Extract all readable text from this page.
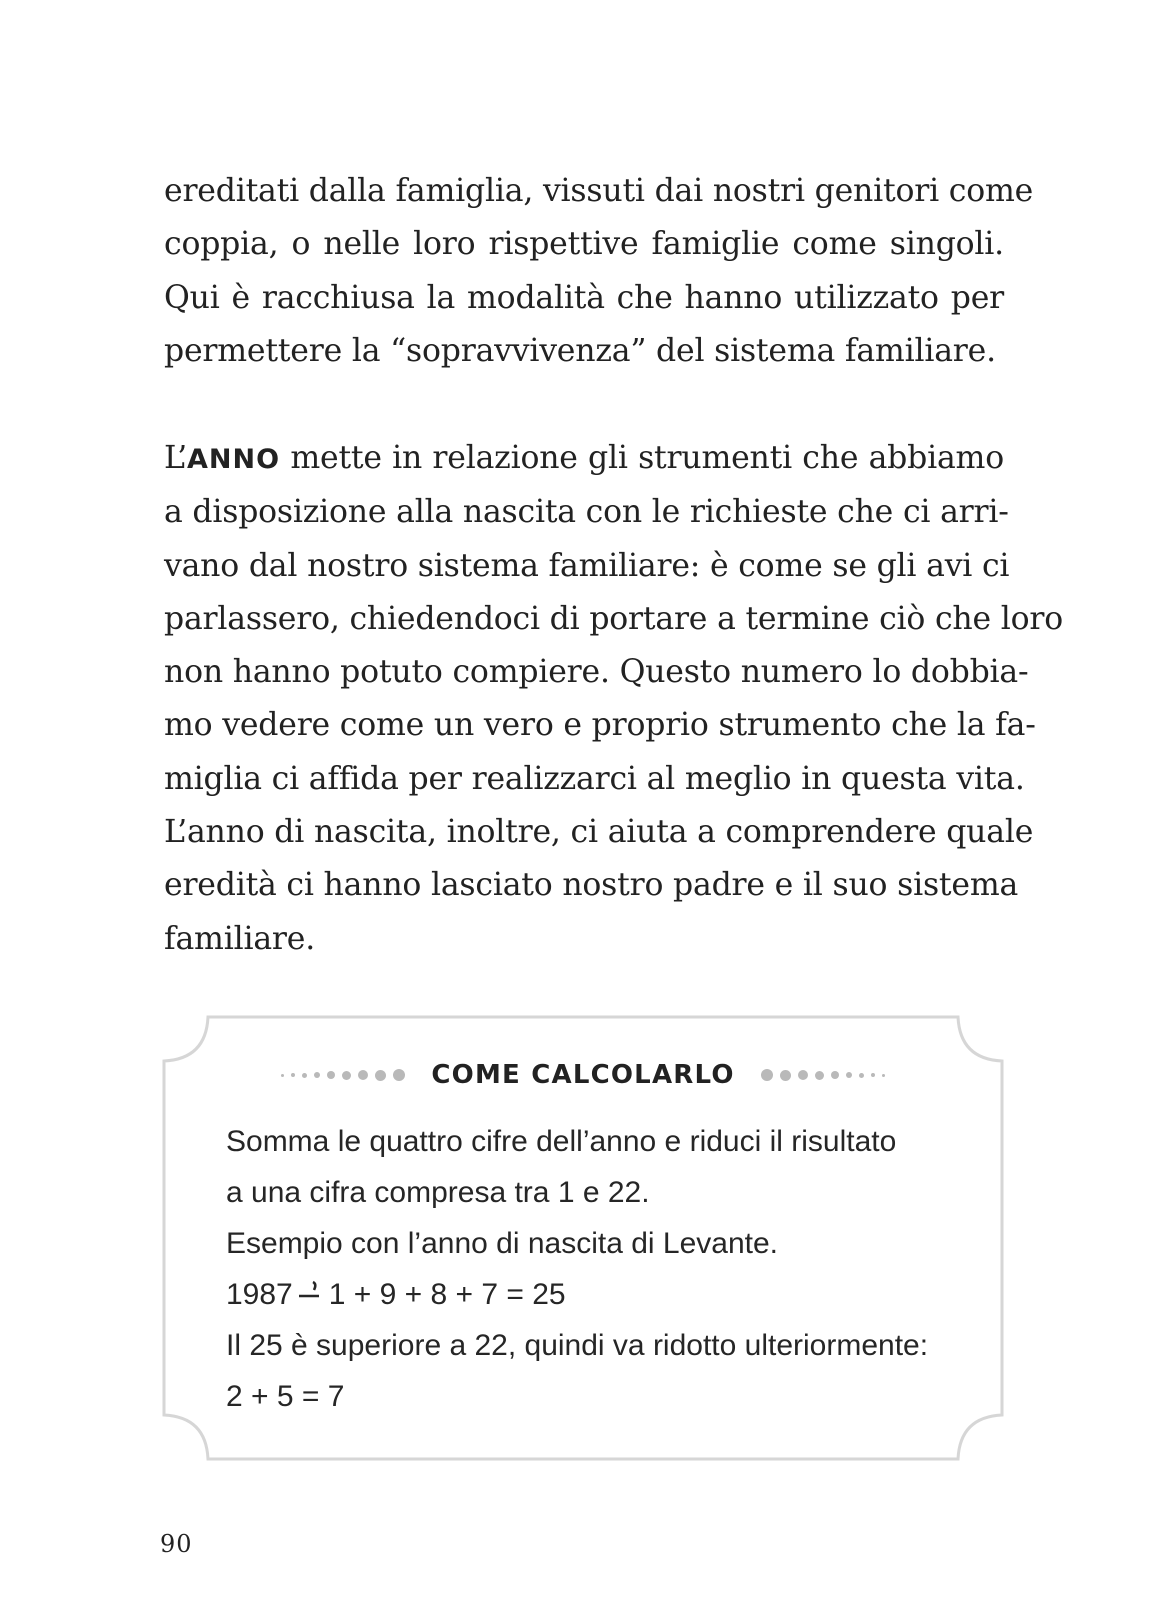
ereditati dalla famiglia, vissuti dai nostri genitori come
coppia, o nelle loro rispettive famiglie come singoli.
Qui è racchiusa la modalità che hanno utilizzato per
permettere la “sopravvivenza” del sistema familiare.
L’ANNO mette in relazione gli strumenti che abbiamo
a disposizione alla nascita con le richieste che ci arri-
vano dal nostro sistema familiare: è come se gli avi ci
parlassero, chiedendoci di portare a termine ciò che loro
non hanno potuto compiere. Questo numero lo dobbia-
mo vedere come un vero e proprio strumento che la fa-
miglia ci affida per realizzarci al meglio in questa vita.
L’anno di nascita, inoltre, ci aiuta a comprendere quale
eredità ci hanno lasciato nostro padre e il suo sistema
familiare.
COME CALCOLARLO
Somma le quattro cifre dell’anno e riduci il risultato
a una cifra compresa tra 1 e 22.
Esempio con l’anno di nascita di Levante.
1987 1 + 9 + 8 + 7 = 25
Il 25 è superiore a 22, quindi va ridotto ulteriormente:
2 + 5 = 7
90
